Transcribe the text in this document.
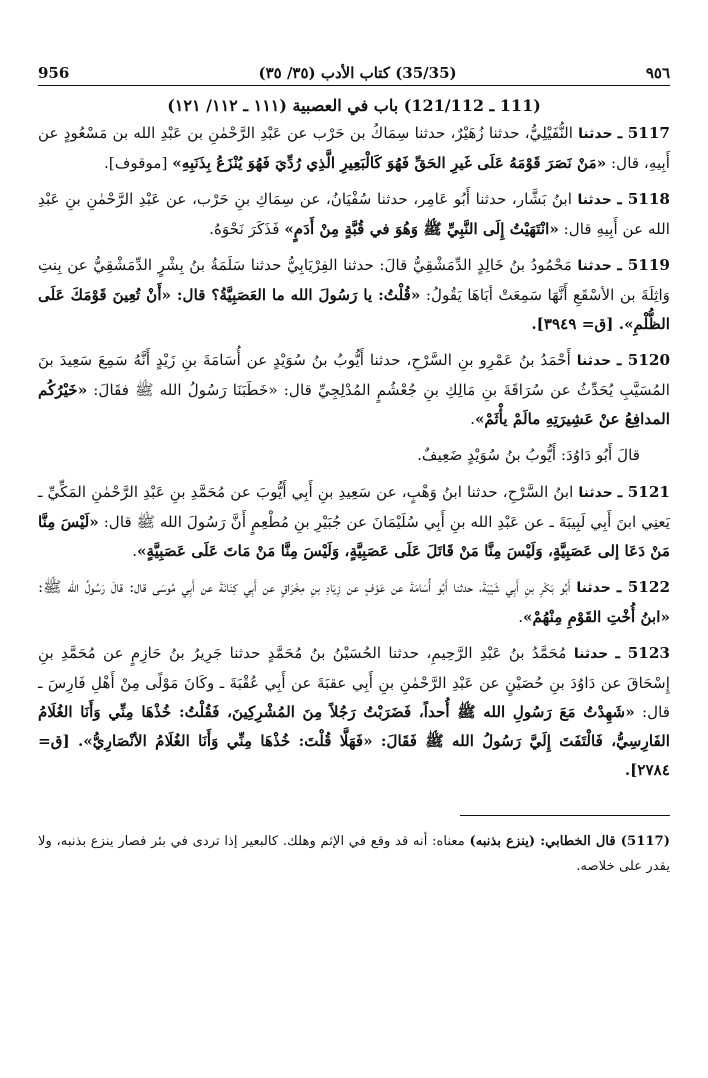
٩٥٦
(35/35) كتاب الأدب (٣٥/ ٣٥)
956
(111 ـ 121/112) باب في العصبية (١١١ ـ ١١٢/ ١٢١)

5117 ـ حدثنا النُّفَيْلِيُّ، حدثنا زُهَيْرٌ، حدثنا سِمَاكُ بن حَرْب عن عَبْدِ الرَّحْمٰنِ بن عَبْدِ الله بن مَسْعُودٍ عن أَبِيهِ، قال: «مَنْ نَصَرَ قَوْمَهُ عَلَى غَيرِ الحَقِّ فَهُوَ كَالْبَعِيرِ الَّذِي رُدِّيَ فَهُوَ يُنْزَعُ بِذَنَبِهِ» [موقوف].

5118 ـ حدثنا ابنُ بَشَّار، حدثنا أَبُو عَامِر، حدثنا سُفْيَانُ، عن سِمَاكِ بنِ حَرْب، عن عَبْدِ الرَّحْمٰنِ بنِ عَبْدِ الله عن أَبِيهِ قال: «انْتَهَيْتُ إِلَى النَّبِيِّ ﷺ وَهُوَ في قُبَّةٍ مِنْ أَدَمٍ» فَذَكَرَ نَحْوَهُ.

5119 ـ حدثنا مَحْمُودُ بنُ خَالِدٍ الدِّمَشْقِيُّ قالَ: حدثنا الفِرْيَابِيُّ حدثنا سَلَمَةُ بنُ بِشْرٍ الدِّمَشْقِيُّ عن بِنتِ وَاثِلَةَ بن الأسْقَعِ أَنَّهَا سَمِعَتْ أبَاهَا يَقُولُ: «قُلْتُ: يا رَسُولَ الله ما العَصَبِيَّةُ؟ قال: «أَنْ تُعِينَ قَوْمَكَ عَلَى الظُّلْمِ». [ق= ٣٩٤٩].

5120 ـ حدثنا أَحْمَدُ بنُ عَمْرِو بنِ السَّرْحِ، حدثنا أَيُّوبُ بنُ سُوَيْدٍ عن أُسَامَةَ بنِ زَيْدٍ أَنَّهُ سَمِعَ سَعِيدَ بنَ المُسَيَّبِ يُحَدِّثُ عن سُرَاقَةَ بنِ مَالِكِ بنِ جُعْشُمٍ المُدْلِجِيِّ قال: «خَطَبَنَا رَسُولُ الله ﷺ فقَالَ: «خَيْرُكُم المدافِعُ عنْ عَشِيرَتِهِ مالَمْ يأْثَمْ».

قالَ أَبُو دَاوُدَ: أَيُّوبُ بنُ سُوَيْدٍ ضَعِيفٌ.

5121 ـ حدثنا ابنُ السَّرْحِ، حدثنا ابنُ وَهْبٍ، عن سَعِيدِ بنِ أَبِي أَيُّوبَ عن مُحَمَّدِ بنِ عَبْدِ الرَّحْمٰنِ المَكِّيِّ ـ يَعنِي ابنَ أَبِي لَبِيبَةَ ـ عن عَبْدِ الله بنِ أَبِي سُلَيْمَانَ عن جُبَيْرِ بنِ مُطْعِمٍ أَنَّ رَسُولَ الله ﷺ قال: «لَيْسَ مِنَّا مَنْ دَعَا إلى عَصَبِيَّةٍ، وَلَيْسَ مِنَّا مَنْ قَاتَلَ عَلَى عَصَبِيَّةٍ، وَلَيْسَ مِنَّا مَنْ مَاتَ عَلَى عَصَبِيَّةٍ».

5122 ـ حدثنا أَبُو بَكْرِ بنِ أَبِي شَيْبَةَ، حدثنا أَبُو أُسَامَةَ عن عَوْفٍ عن زِيَادِ بنِ مِخْرَاقٍ عن أَبِي كِنَانَةَ عن أَبِي مُوسَى قال: قالَ رَسُولُ الله ﷺ: «ابنُ أُخْتِ القَوْمِ مِنْهُمْ».

5123 ـ حدثنا مُحَمَّدُ بنُ عَبْدِ الرَّحِيمِ، حدثنا الحُسَيْنُ بنُ مُحَمَّدٍ حدثنا جَرِيرُ بنُ حَازِمٍ عن مُحَمَّدِ بنِ إِسْحَاقَ عن دَاوُدَ بنِ حُصَيْنٍ عن عَبْدِ الرَّحْمٰنِ بنِ أَبِي عقبَةَ عن أَبِي عُقْبَةَ ـ وكَانَ مَوْلًى مِنْ أَهْلِ فَارِسَ ـ قال: «شَهِدْتُ مَعَ رَسُولِ الله ﷺ أُحداً، فَضَرَبْتُ رَجُلاً مِنَ المُشْرِكِينَ، فَقُلْتُ: خُذْهَا مِنِّي وَأَنَا الغُلَامُ الفَارِسِيُّ، فَالْتَفَتَ إِلَيَّ رَسُولُ الله ﷺ فَقَالَ: «فَهَلَّا قُلْتَ: خُذْهَا مِنِّي وَأَنَا الغُلَامُ الأنْصَارِيُّ». [ق= ٢٧٨٤].

(5117) قال الخطابي: (ينزع بذنبه) معناه: أنه قد وقع في الإثم وهلك. كالبعير إذا تردى في بئر فصار ينزع بذنبه، ولا يقدر على خلاصه.
